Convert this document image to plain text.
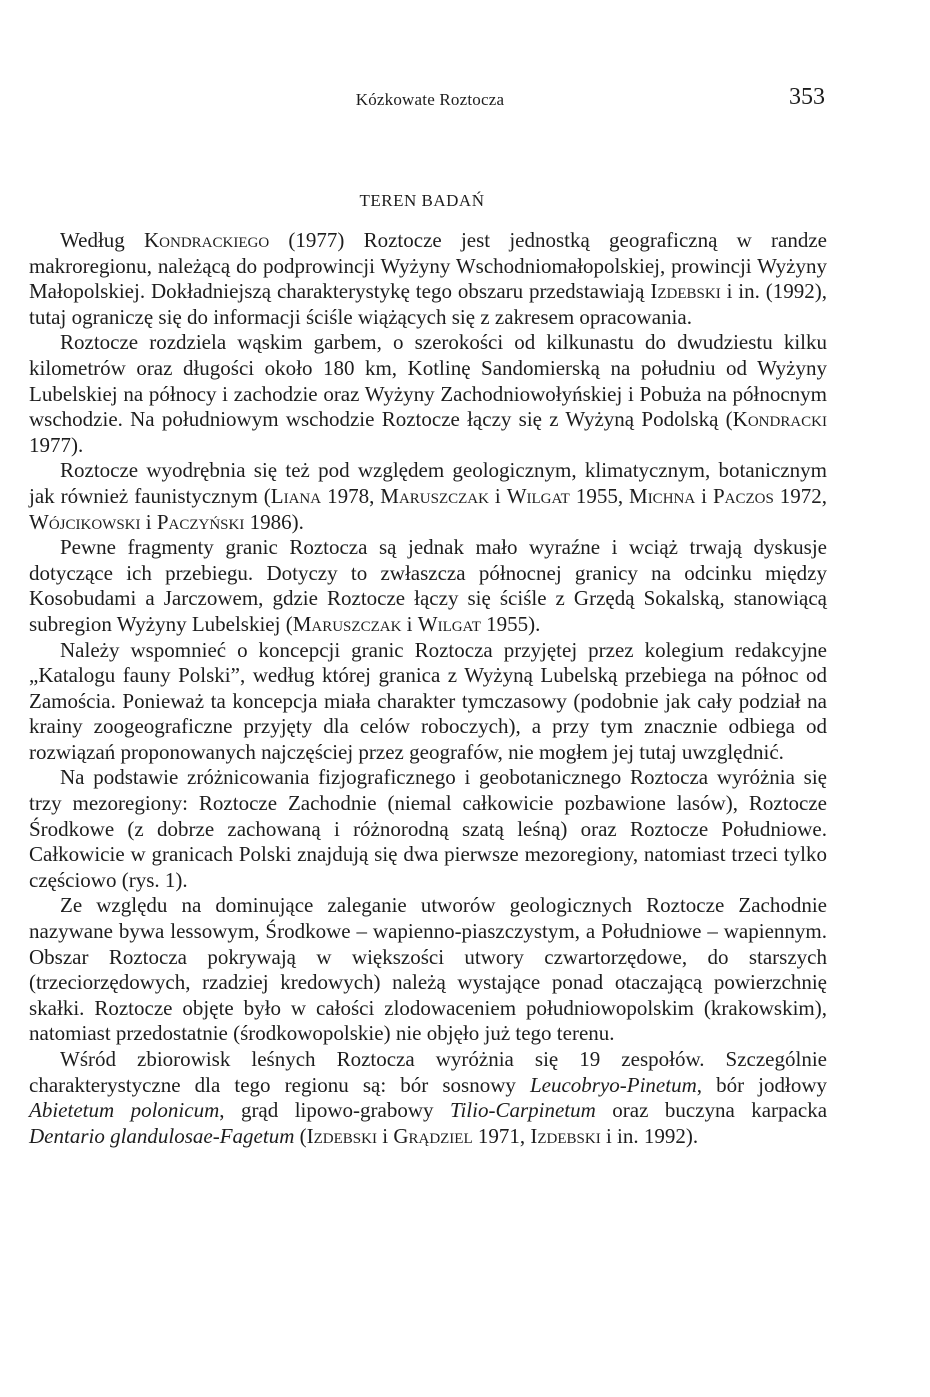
Kózkowate Roztocza	353
TEREN BADAŃ

Według Kondrackiego (1977) Roztocze jest jednostką geograficzną w randze makroregionu, należącą do podprowincji Wyżyny Wschodniomałopolskiej, prowincji Wyżyny Małopolskiej. Dokładniejszą charakterystykę tego obszaru przedstawiają Izdebski i in. (1992), tutaj ograniczę się do informacji ściśle wiążących się z zakresem opracowania.

Roztocze rozdziela wąskim garbem, o szerokości od kilkunastu do dwudziestu kilku kilometrów oraz długości około 180 km, Kotlinę Sandomierską na południu od Wyżyny Lubelskiej na północy i zachodzie oraz Wyżyny Zachodniowołyńskiej i Pobuża na północnym wschodzie. Na południowym wschodzie Roztocze łączy się z Wyżyną Podolską (Kondracki 1977).

Roztocze wyodrębnia się też pod względem geologicznym, klimatycznym, botanicznym jak również faunistycznym (Liana 1978, Maruszczak i Wilgat 1955, Michna i Paczos 1972, Wójcikowski i Paczyński 1986).

Pewne fragmenty granic Roztocza są jednak mało wyraźne i wciąż trwają dyskusje dotyczące ich przebiegu. Dotyczy to zwłaszcza północnej granicy na odcinku między Kosobudami a Jarczowem, gdzie Roztocze łączy się ściśle z Grzędą Sokalską, stanowiącą subregion Wyżyny Lubelskiej (Maruszczak i Wilgat 1955).

Należy wspomnieć o koncepcji granic Roztocza przyjętej przez kolegium redakcyjne „Katalogu fauny Polski”, według której granica z Wyżyną Lubelską przebiega na północ od Zamościa. Ponieważ ta koncepcja miała charakter tymczasowy (podobnie jak cały podział na krainy zoogeograficzne przyjęty dla celów roboczych), a przy tym znacznie odbiega od rozwiązań proponowanych najczęściej przez geografów, nie mogłem jej tutaj uwzględnić.

Na podstawie zróżnicowania fizjograficznego i geobotanicznego Roztocza wyróżnia się trzy mezoregiony: Roztocze Zachodnie (niemal całkowicie pozbawione lasów), Roztocze Środkowe (z dobrze zachowaną i różnorodną szatą leśną) oraz Roztocze Południowe. Całkowicie w granicach Polski znajdują się dwa pierwsze mezoregiony, natomiast trzeci tylko częściowo (rys. 1).

Ze względu na dominujące zaleganie utworów geologicznych Roztocze Zachodnie nazywane bywa lessowym, Środkowe – wapienno-piaszczystym, a Południowe – wapiennym. Obszar Roztocza pokrywają w większości utwory czwartorzędowe, do starszych (trzeciorzędowych, rzadziej kredowych) należą wystające ponad otaczającą powierzchnię skałki. Roztocze objęte było w całości zlodowaceniem południowopolskim (krakowskim), natomiast przedostatnie (środkowopolskie) nie objęło już tego terenu.

Wśród zbiorowisk leśnych Roztocza wyróżnia się 19 zespołów. Szczególnie charakterystyczne dla tego regionu są: bór sosnowy Leucobryo-Pinetum, bór jodłowy Abietetum polonicum, grąd lipowo-grabowy Tilio-Carpinetum oraz buczyna karpacka Dentario glandulosae-Fagetum (Izdebski i Grądziel 1971, Izdebski i in. 1992).
